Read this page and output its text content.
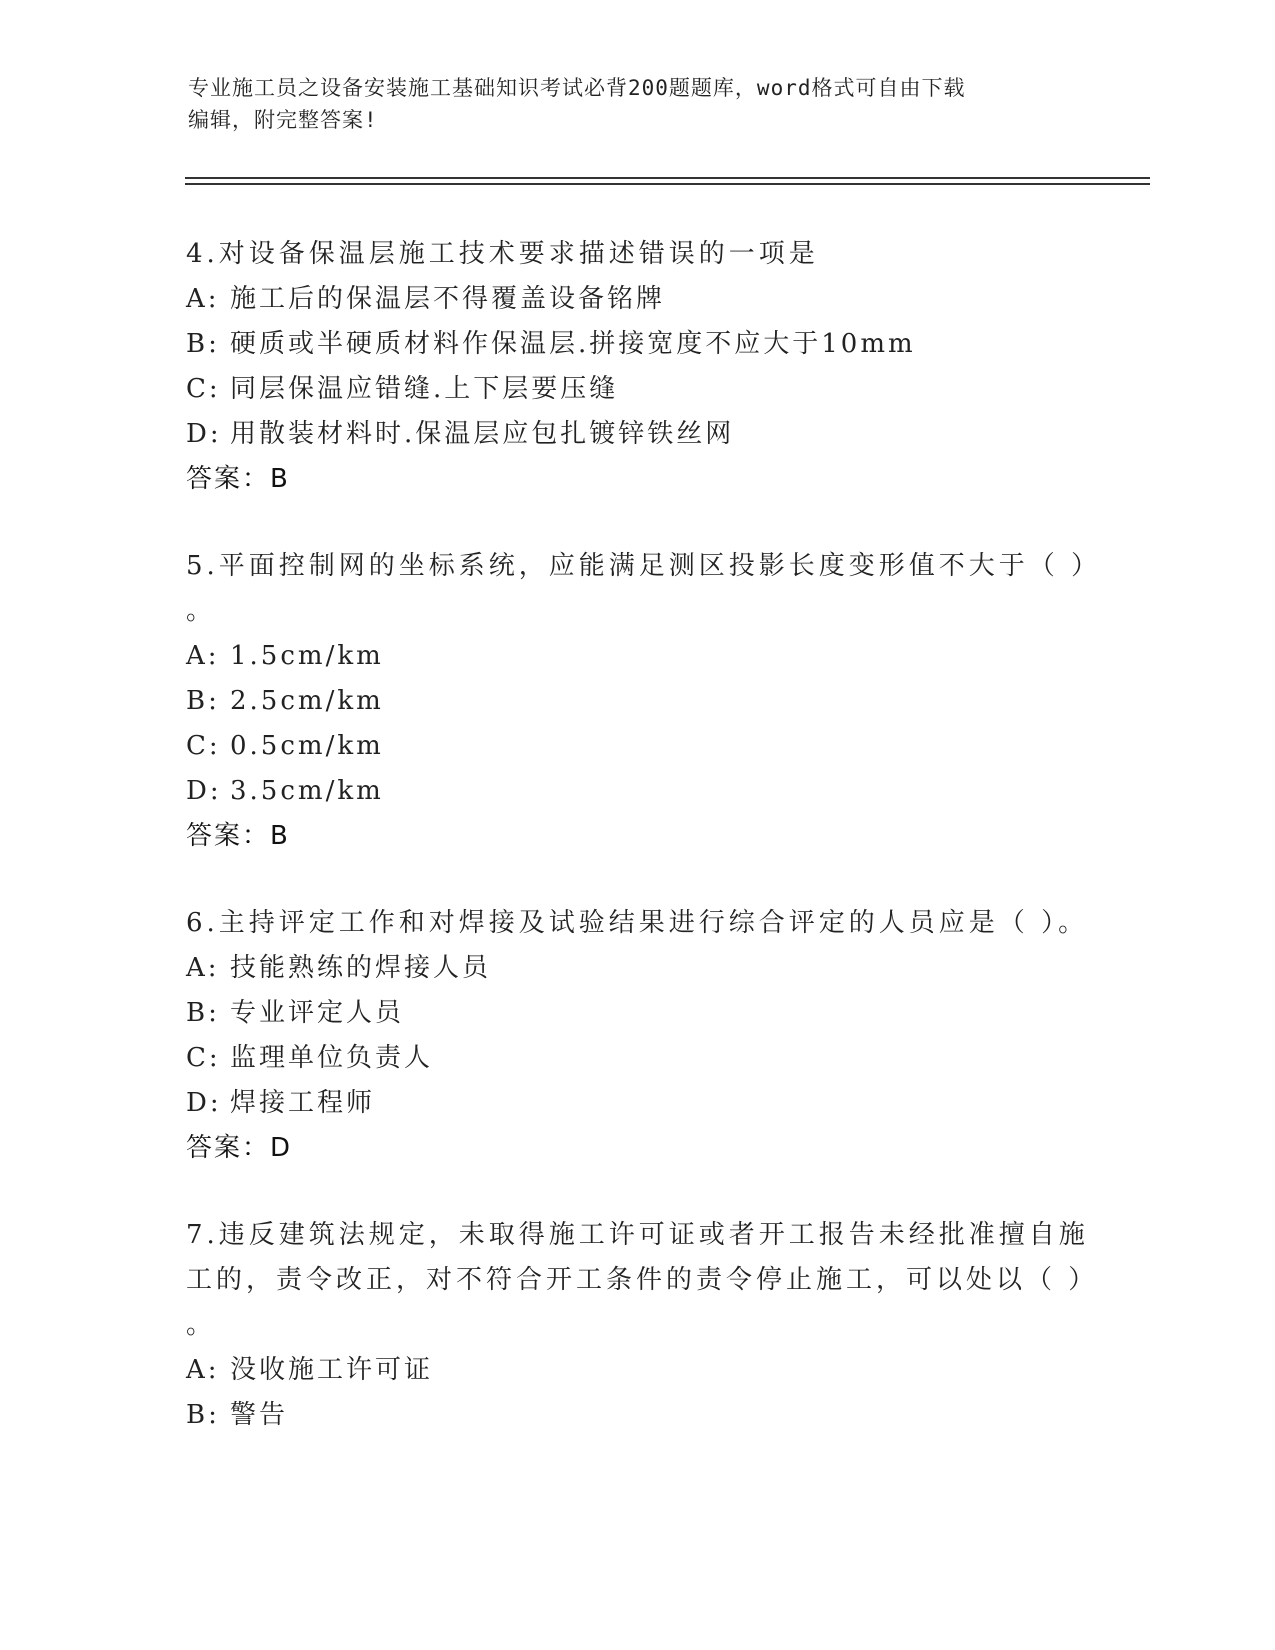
专业施工员之设备安装施工基础知识考试必背200题题库，word格式可自由下载
编辑，附完整答案!

4.对设备保温层施工技术要求描述错误的一项是

A: 施工后的保温层不得覆盖设备铭牌

B: 硬质或半硬质材料作保温层.拼接宽度不应大于10mm

C: 同层保温应错缝.上下层要压缝

D: 用散装材料时.保温层应包扎镀锌铁丝网

答案：B

5.平面控制网的坐标系统，应能满足测区投影长度变形值不大于（ ）

。

A: 1.5cm/km

B: 2.5cm/km

C: 0.5cm/km

D: 3.5cm/km

答案：B

6.主持评定工作和对焊接及试验结果进行综合评定的人员应是（ ）。

A: 技能熟练的焊接人员

B: 专业评定人员

C: 监理单位负责人

D: 焊接工程师

答案：D

7.违反建筑法规定，未取得施工许可证或者开工报告未经批准擅自施

工的，责令改正，对不符合开工条件的责令停止施工，可以处以（ ）

。

A: 没收施工许可证

B: 警告
